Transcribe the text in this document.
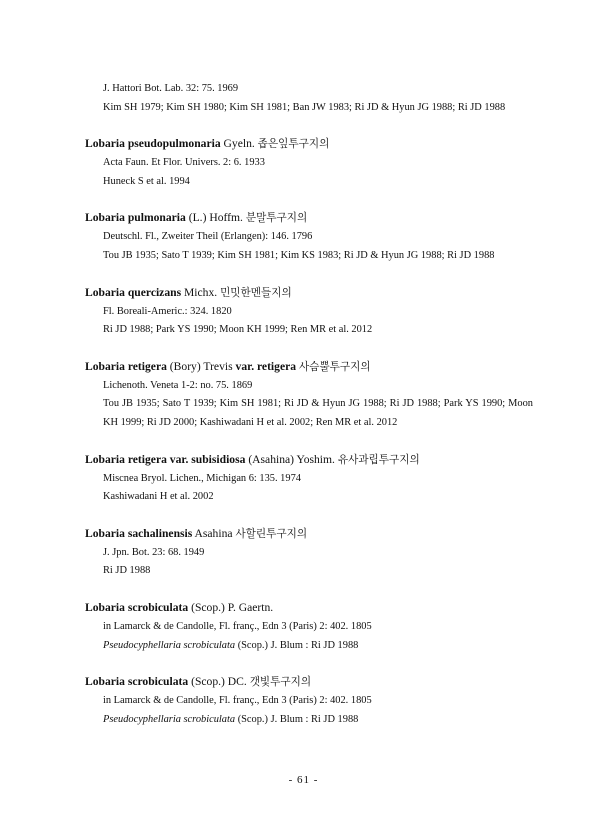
J. Hattori Bot. Lab. 32: 75. 1969
Kim SH 1979; Kim SH 1980; Kim SH 1981; Ban JW 1983; Ri JD & Hyun JG 1988; Ri JD 1988
Lobaria pseudopulmonaria Gyeln. 좁은잎투구지의
Acta Faun. Et Flor. Univers. 2: 6. 1933
Huneck S et al. 1994
Lobaria pulmonaria (L.) Hoffm. 분말투구지의
Deutschl. Fl., Zweiter Theil (Erlangen): 146. 1796
Tou JB 1935; Sato T 1939; Kim SH 1981; Kim KS 1983; Ri JD & Hyun JG 1988; Ri JD 1988
Lobaria quercizans Michx. 민밋한멘들지의
Fl. Boreali-Americ.: 324. 1820
Ri JD 1988; Park YS 1990; Moon KH 1999; Ren MR et al. 2012
Lobaria retigera (Bory) Trevis var. retigera 사슴뿔투구지의
Lichenoth. Veneta 1-2: no. 75. 1869
Tou JB 1935; Sato T 1939; Kim SH 1981; Ri JD & Hyun JG 1988; Ri JD 1988; Park YS 1990; Moon KH 1999; Ri JD 2000; Kashiwadani H et al. 2002; Ren MR et al. 2012
Lobaria retigera var. subisidiosa (Asahina) Yoshim. 유사과립투구지의
Miscnea Bryol. Lichen., Michigan 6: 135. 1974
Kashiwadani H et al. 2002
Lobaria sachalinensis Asahina 사할린투구지의
J. Jpn. Bot. 23: 68. 1949
Ri JD 1988
Lobaria scrobiculata (Scop.) P. Gaertn.
in Lamarck & de Candolle, Fl. franç., Edn 3 (Paris) 2: 402. 1805
Pseudocyphellaria scrobiculata (Scop.) J. Blum : Ri JD 1988
Lobaria scrobiculata (Scop.) DC. 갯빛투구지의
in Lamarck & de Candolle, Fl. franç., Edn 3 (Paris) 2: 402. 1805
Pseudocyphellaria scrobiculata (Scop.) J. Blum : Ri JD 1988
- 61 -
